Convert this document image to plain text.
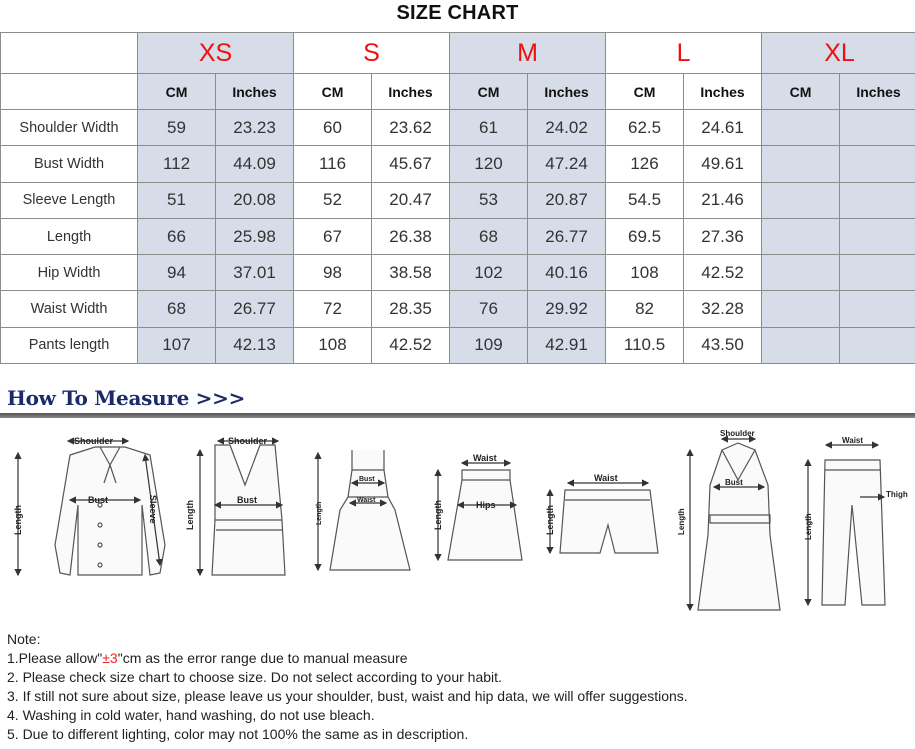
SIZE CHART
	XS		S		M		L		XL	
	CM	Inches	CM	Inches	CM	Inches	CM	Inches	CM	Inches
Shoulder Width	59	23.23	60	23.62	61	24.02	62.5	24.61		
Bust Width	112	44.09	116	45.67	120	47.24	126	49.61		
Sleeve Length	51	20.08	52	20.47	53	20.87	54.5	21.46		
Length	66	25.98	67	26.38	68	26.77	69.5	27.36		
Hip Width	94	37.01	98	38.58	102	40.16	108	42.52		
Waist Width	68	26.77	72	28.35	76	29.92	82	32.28		
Pants length	107	42.13	108	42.52	109	42.91	110.5	43.50		
How To Measure >>>
Shoulder
Bust	Sleeve
Length
Shoulder
Bust
Length
Bust
Waist
Length
Waist
Hips
Length
Waist
Length
Shoulder
Bust
Length
Waist
Thigh
Length
Note:
1.Please allow"±3"cm as the error range due to manual measure
2. Please check size chart to choose size. Do not select according to your habit.
3. If still not sure about size, please leave us your shoulder, bust, waist and hip data, we will offer suggestions.
4. Washing in cold water, hand washing, do not use bleach.
5. Due to different lighting, color may not 100% the same as in description.
